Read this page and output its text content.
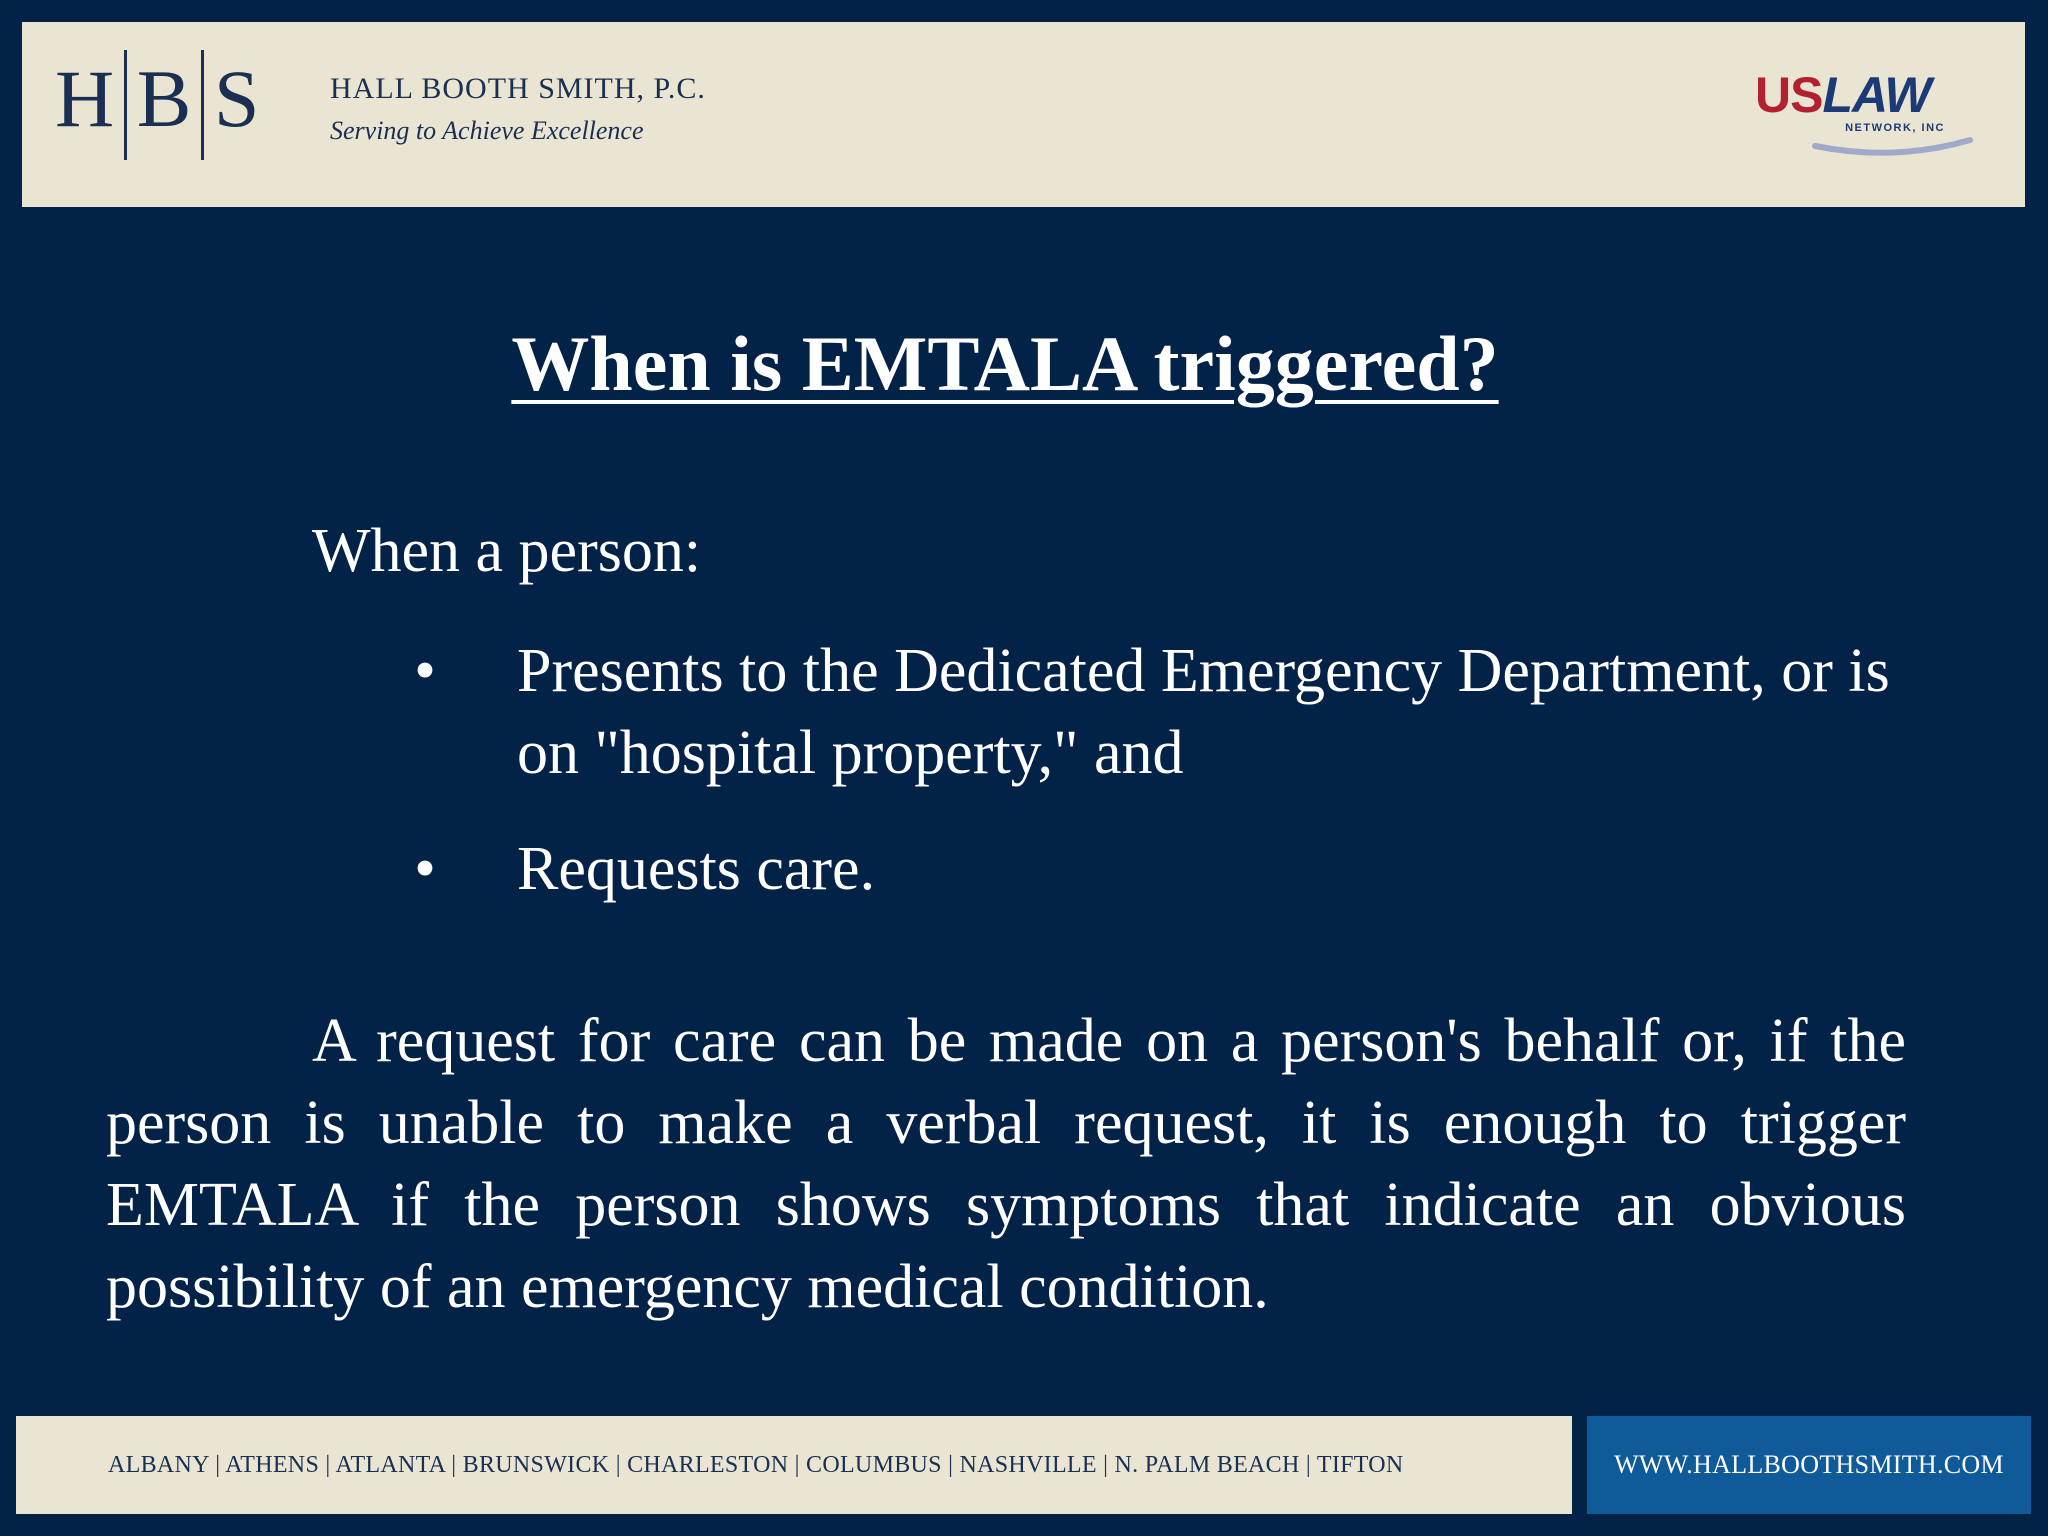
H B S HALL BOOTH SMITH, P.C.
Serving to Achieve Excellence
USLAW
NETWORK, INC
When is EMTALA triggered?
When a person:
• Presents to the Dedicated Emergency Department, or is on "hospital property," and
• Requests care.

A request for care can be made on a person's behalf or, if the person is unable to make a verbal request, it is enough to trigger EMTALA if the person shows symptoms that indicate an obvious possibility of an emergency medical condition.

ALBANY | ATHENS | ATLANTA | BRUNSWICK | CHARLESTON | COLUMBUS | NASHVILLE | N. PALM BEACH | TIFTON	WWW.HALLBOOTHSMITH.COM
